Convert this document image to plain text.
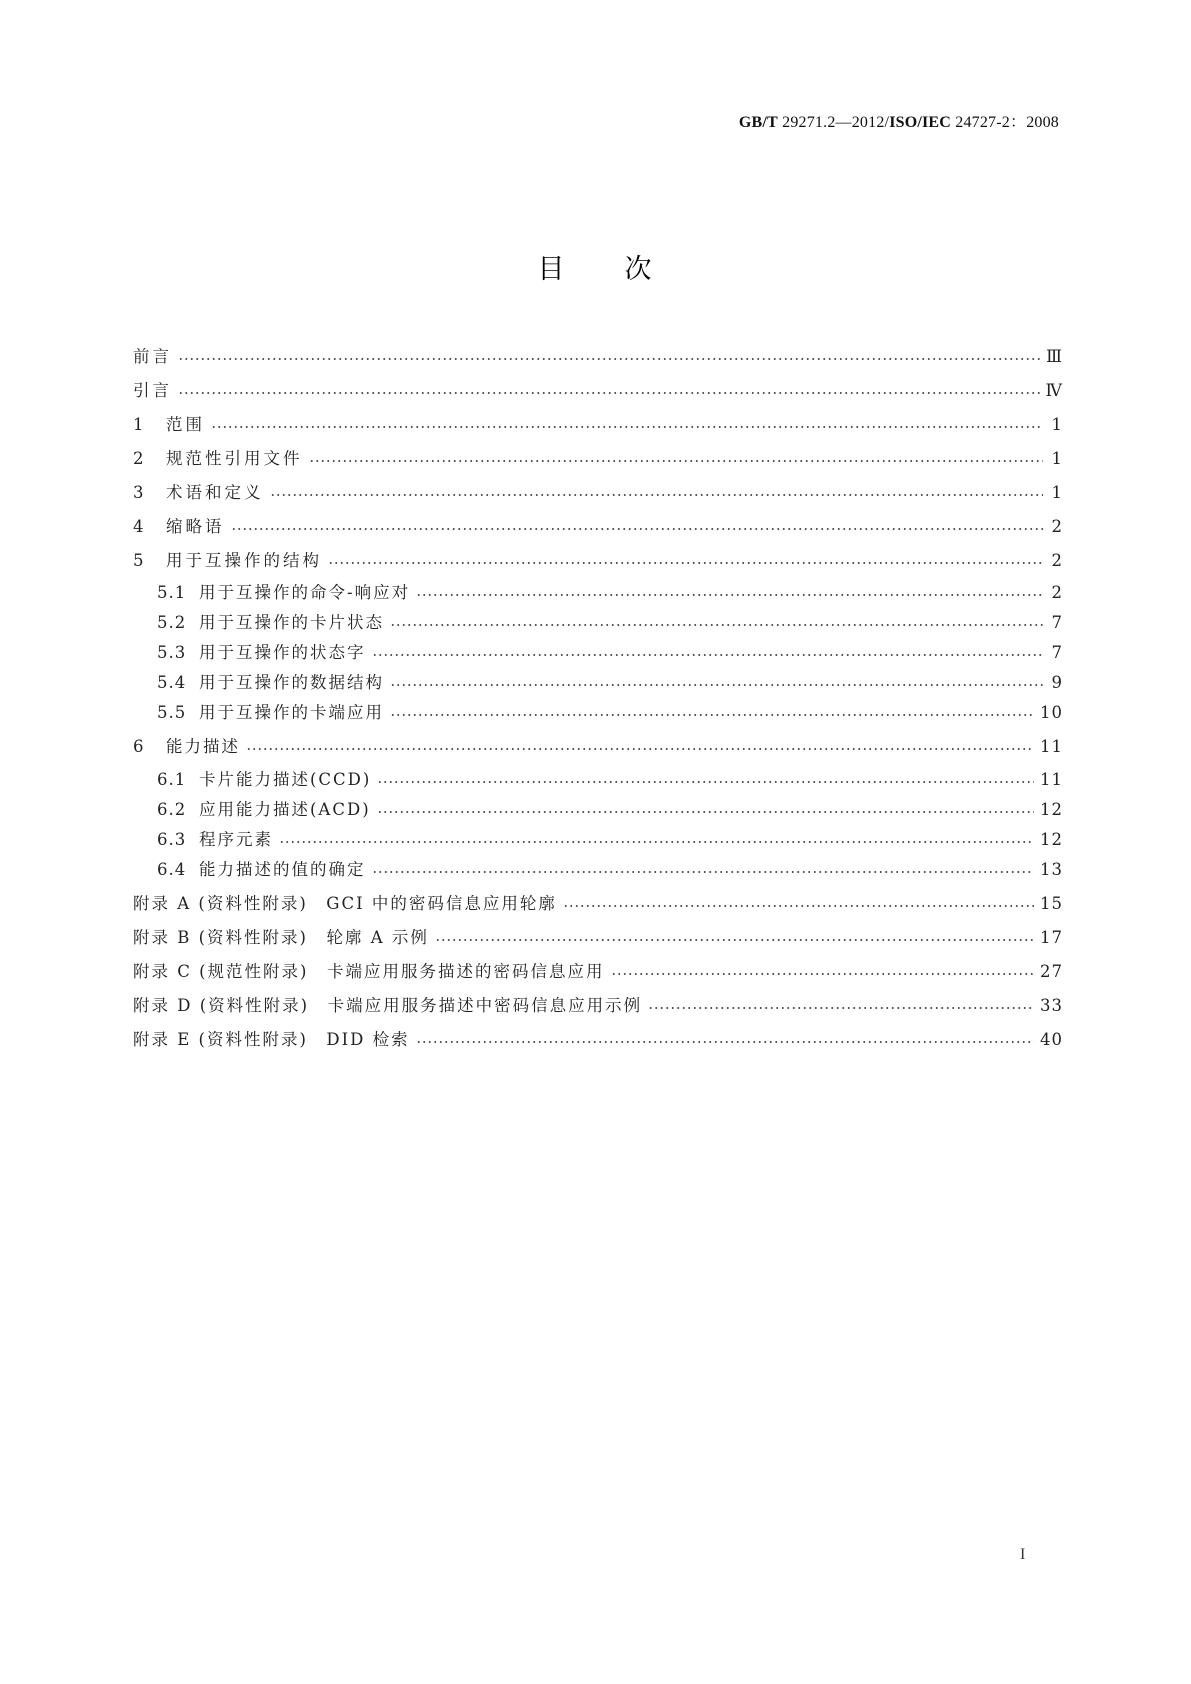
GB/T 29271.2—2012/ISO/IEC 24727-2：2008
目 次
前言	Ⅲ
引言	Ⅳ
1	范围	1
2	规范性引用文件	1
3	术语和定义	1
4	缩略语	2
5	用于互操作的结构	2
5.1 用于互操作的命令-响应对	2
5.2 用于互操作的卡片状态	7
5.3 用于互操作的状态字	7
5.4 用于互操作的数据结构	9
5.5 用于互操作的卡端应用	10
6	能力描述	11
6.1 卡片能力描述(CCD)	11
6.2 应用能力描述(ACD)	12
6.3 程序元素	12
6.4 能力描述的值的确定	13
附录 A (资料性附录)　GCI 中的密码信息应用轮廓	15
附录 B (资料性附录)　轮廓 A 示例	17
附录 C (规范性附录)　卡端应用服务描述的密码信息应用	27
附录 D (资料性附录)　卡端应用服务描述中密码信息应用示例	33
附录 E (资料性附录)　DID 检索	40
I
